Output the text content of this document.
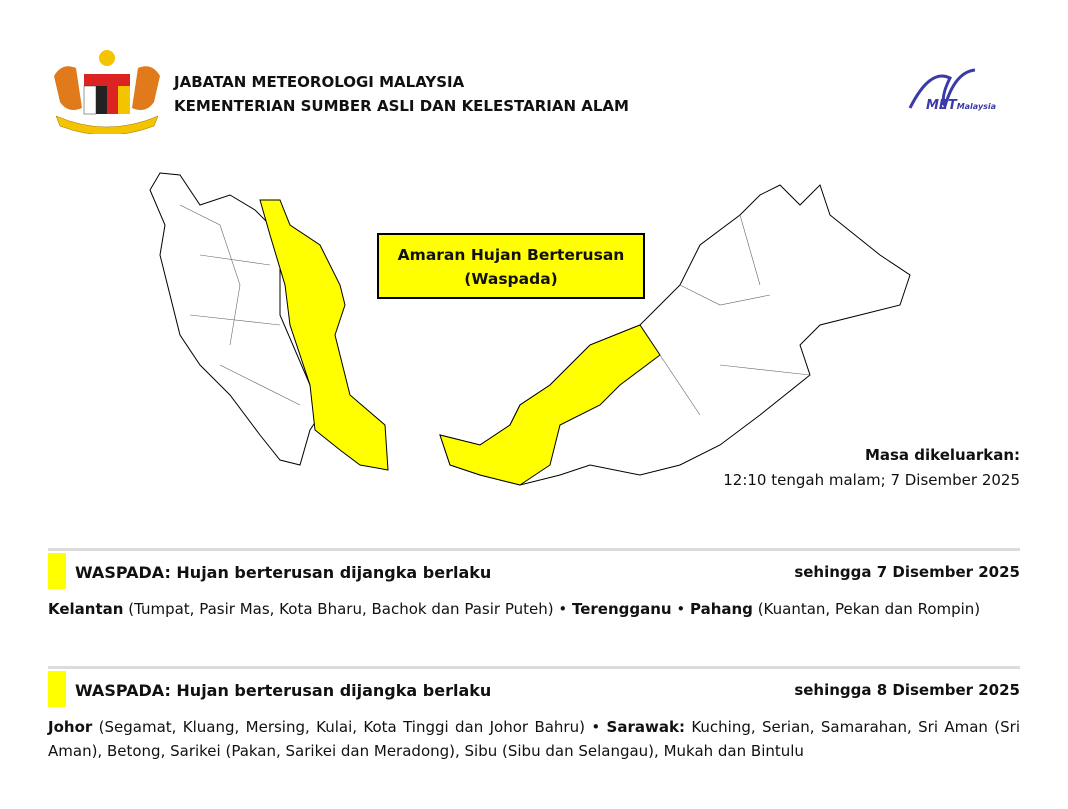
JABATAN METEOROLOGI MALAYSIA
KEMENTERIAN SUMBER ASLI DAN KELESTARIAN ALAM	METMalaysia
Amaran Hujan Berterusan
(Waspada)
Masa dikeluarkan:
12:10 tengah malam; 7 Disember 2025
WASPADA: Hujan berterusan dijangka berlaku	sehingga 7 Disember 2025
Kelantan (Tumpat, Pasir Mas, Kota Bharu, Bachok dan Pasir Puteh) • Terengganu • Pahang (Kuantan, Pekan dan Rompin)
WASPADA: Hujan berterusan dijangka berlaku	sehingga 8 Disember 2025
Johor (Segamat, Kluang, Mersing, Kulai, Kota Tinggi dan Johor Bahru) • Sarawak: Kuching, Serian, Samarahan, Sri Aman (Sri Aman), Betong, Sarikei (Pakan, Sarikei dan Meradong), Sibu (Sibu dan Selangau), Mukah dan Bintulu
